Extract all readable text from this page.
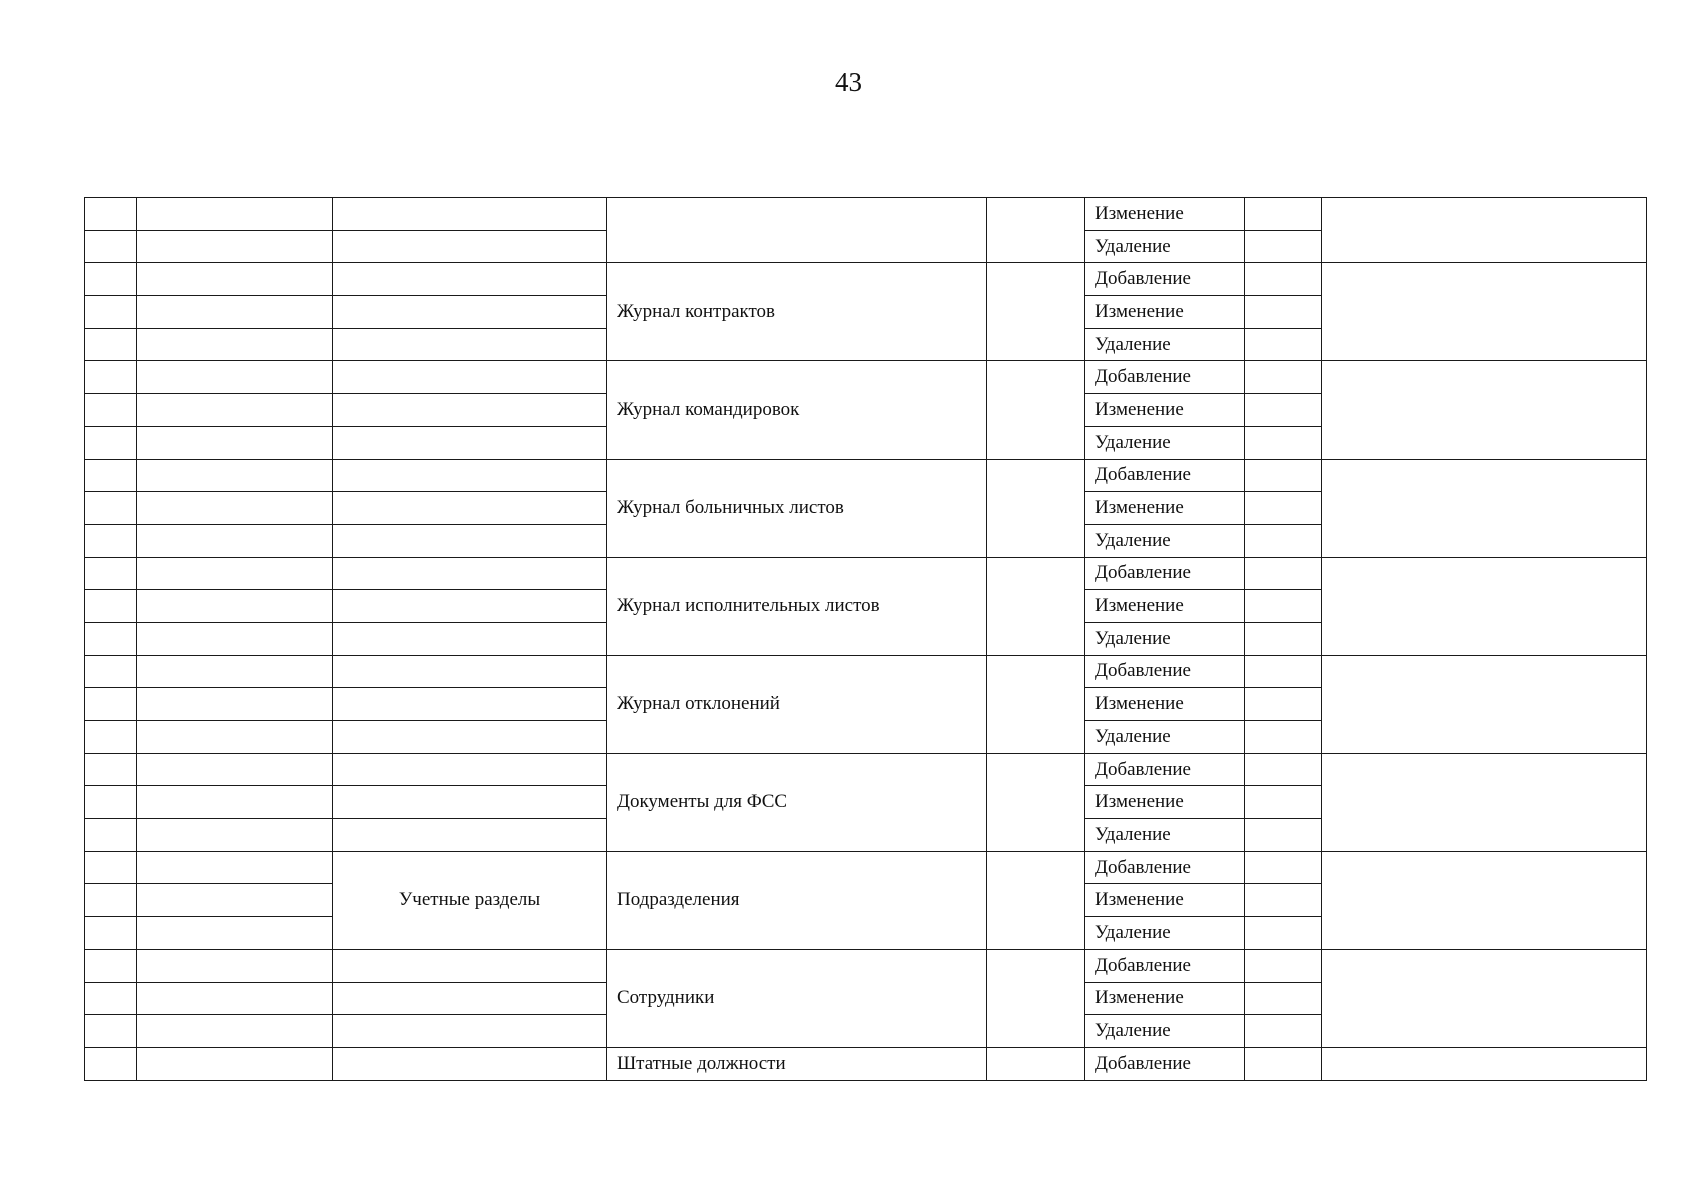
43
					Изменение		
					Удаление		
			Журнал контрактов		Добавление		
					Изменение		
					Удаление		
			Журнал командировок		Добавление		
					Изменение		
					Удаление		
			Журнал больничных листов		Добавление		
					Изменение		
					Удаление		
			Журнал исполнительных листов		Добавление		
					Изменение		
					Удаление		
			Журнал отклонений		Добавление		
					Изменение		
					Удаление		
			Документы для ФСС		Добавление		
					Изменение		
					Удаление		
		Учетные разделы	Подразделения		Добавление		
					Изменение		
					Удаление		
			Сотрудники		Добавление		
					Изменение		
					Удаление		
			Штатные должности		Добавление		
